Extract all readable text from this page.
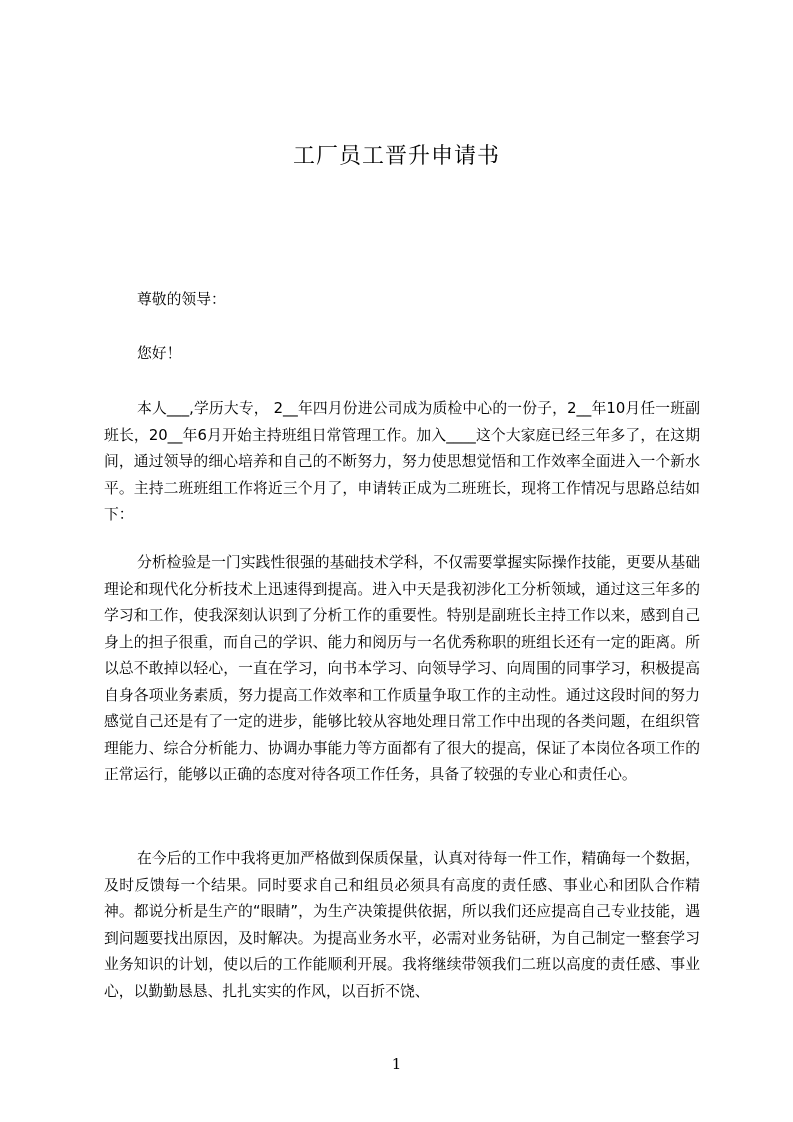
工厂员工晋升申请书
尊敬的领导：
您好！
本人___,学历大专， 2__年四月份进公司成为质检中心的一份子，2__年10月任一班副班长，20__年6月开始主持班组日常管理工作。加入____这个大家庭已经三年多了，在这期间，通过领导的细心培养和自己的不断努力，努力使思想觉悟和工作效率全面进入一个新水平。主持二班班组工作将近三个月了，申请转正成为二班班长，现将工作情况与思路总结如下：
分析检验是一门实践性很强的基础技术学科，不仅需要掌握实际操作技能，更要从基础理论和现代化分析技术上迅速得到提高。进入中天是我初涉化工分析领域，通过这三年多的学习和工作，使我深刻认识到了分析工作的重要性。特别是副班长主持工作以来，感到自己身上的担子很重，而自己的学识、能力和阅历与一名优秀称职的班组长还有一定的距离。所以总不敢掉以轻心，一直在学习，向书本学习、向领导学习、向周围的同事学习，积极提高自身各项业务素质，努力提高工作效率和工作质量争取工作的主动性。通过这段时间的努力感觉自己还是有了一定的进步，能够比较从容地处理日常工作中出现的各类问题，在组织管理能力、综合分析能力、协调办事能力等方面都有了很大的提高，保证了本岗位各项工作的正常运行，能够以正确的态度对待各项工作任务，具备了较强的专业心和责任心。
在今后的工作中我将更加严格做到保质保量，认真对待每一件工作，精确每一个数据，及时反馈每一个结果。同时要求自己和组员必须具有高度的责任感、事业心和团队合作精神。都说分析是生产的“眼睛”，为生产决策提供依据，所以我们还应提高自己专业技能，遇到问题要找出原因，及时解决。为提高业务水平，必需对业务钻研，为自己制定一整套学习业务知识的计划，使以后的工作能顺利开展。我将继续带领我们二班以高度的责任感、事业心，以勤勤恳恳、扎扎实实的作风，以百折不饶、
1
